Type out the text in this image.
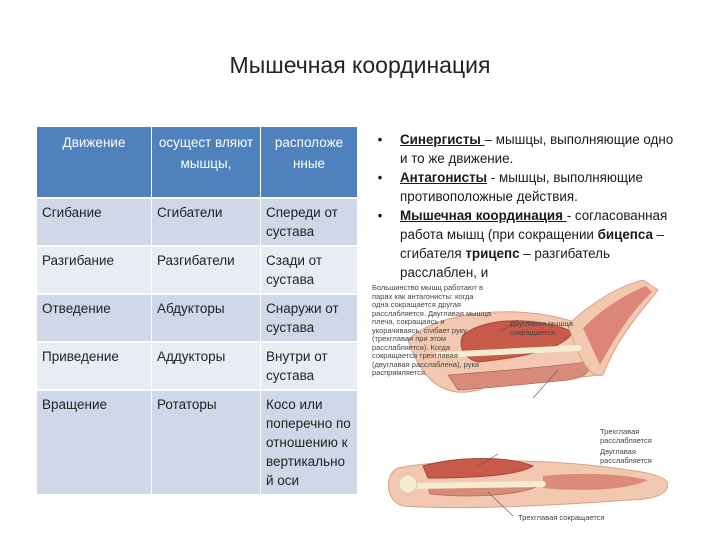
Мышечная координация
Движение	осущест вляют мышцы,	расположе нные
Сгибание	Сгибатели	Спереди от сустава
Разгибание	Разгибатели	Сзади от сустава
Отведение	Абдукторы	Снаружи от сустава
Приведение	Аддукторы	Внутри от сустава
Вращение	Ротаторы	Косо или поперечно по отношению к вертикально й оси
• Синергисты – мышцы, выполняющие одно и то же движение.
• Антагонисты - мышцы, выполняющие противоположные действия.
• Мышечная координация - согласованная работа мышц (при сокращении бицепса – сгибателя трицепс – разгибатель расслаблен, и
Большинство мышц работают в парах как антагонисты: когда одна сокращается другая расслабляется. Двуглавая мышца плеча, сокращаясь и укорачиваясь, сгибает руку (трехглавая при этом расслабляется). Когда сокращается трехглавая (двуглавая расслаблена), рука распрямляется.
Двуглавая мышца сокращается
Трехглавая расслабляется
Двуглавая расслабляется
Трехглавая сокращается
